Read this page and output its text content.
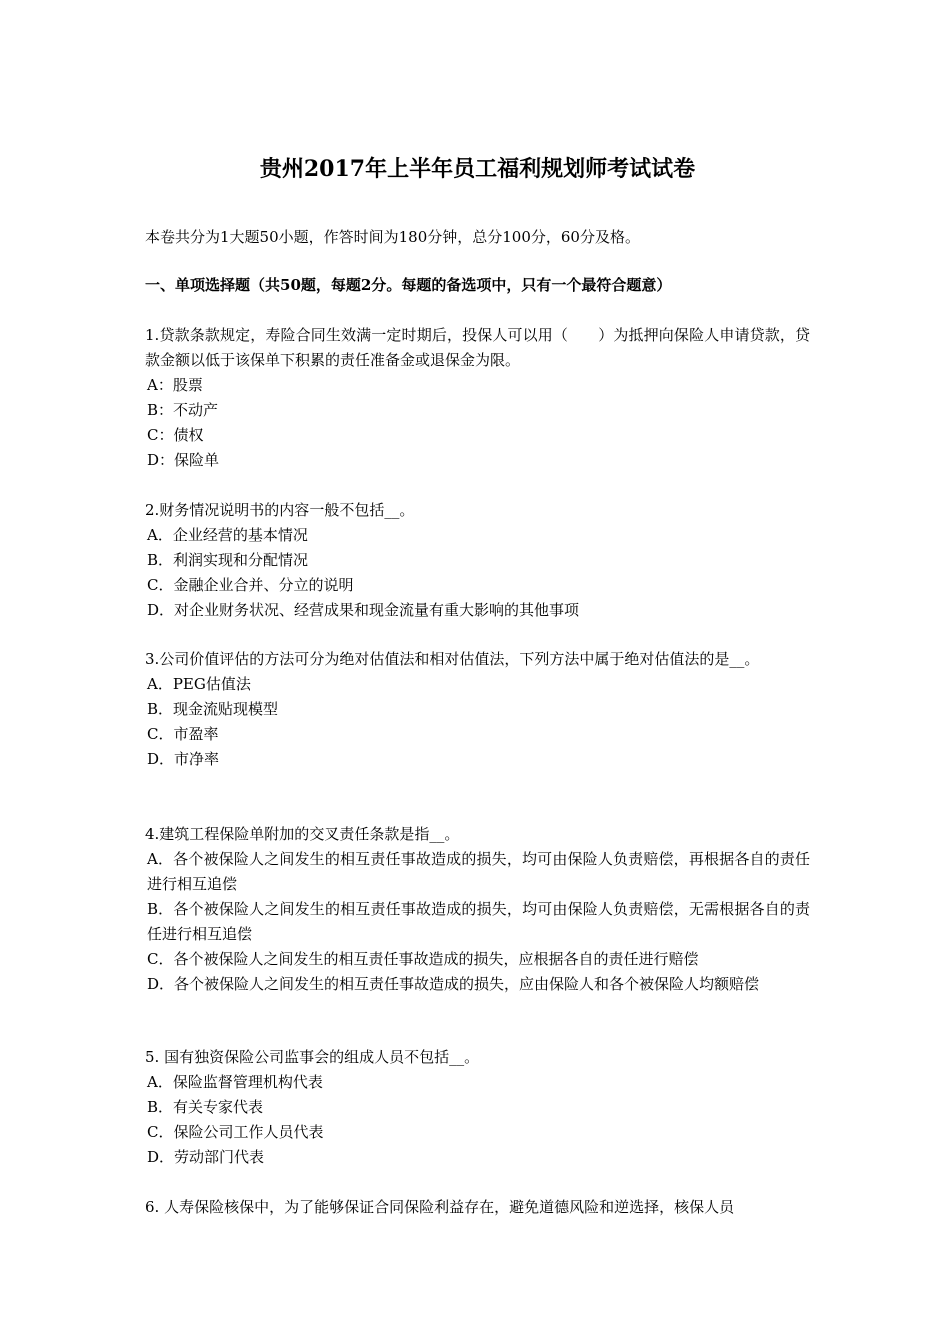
贵州2017年上半年员工福利规划师考试试卷
本卷共分为1大题50小题，作答时间为180分钟，总分100分，60分及格。
一、单项选择题（共50题，每题2分。每题的备选项中，只有一个最符合题意）

1.贷款条款规定，寿险合同生效满一定时期后，投保人可以用（　　）为抵押向保险人申请贷款，贷款金额以低于该保单下积累的责任准备金或退保金为限。

A：股票
B：不动产
C：债权
D：保险单

2.财务情况说明书的内容一般不包括__。

A．企业经营的基本情况
B．利润实现和分配情况
C．金融企业合并、分立的说明
D．对企业财务状况、经营成果和现金流量有重大影响的其他事项

3.公司价值评估的方法可分为绝对估值法和相对估值法，下列方法中属于绝对估值法的是__。

A．PEG估值法
B．现金流贴现模型
C．市盈率
D．市净率

4.建筑工程保险单附加的交叉责任条款是指__。

A．各个被保险人之间发生的相互责任事故造成的损失，均可由保险人负责赔偿，再根据各自的责任进行相互追偿
B．各个被保险人之间发生的相互责任事故造成的损失，均可由保险人负责赔偿，无需根据各自的责任进行相互追偿
C．各个被保险人之间发生的相互责任事故造成的损失，应根据各自的责任进行赔偿
D．各个被保险人之间发生的相互责任事故造成的损失，应由保险人和各个被保险人均额赔偿

5. 国有独资保险公司监事会的组成人员不包括__。

A．保险监督管理机构代表
B．有关专家代表
C．保险公司工作人员代表
D．劳动部门代表

6. 人寿保险核保中，为了能够保证合同保险利益存在，避免道德风险和逆选择，核保人员
